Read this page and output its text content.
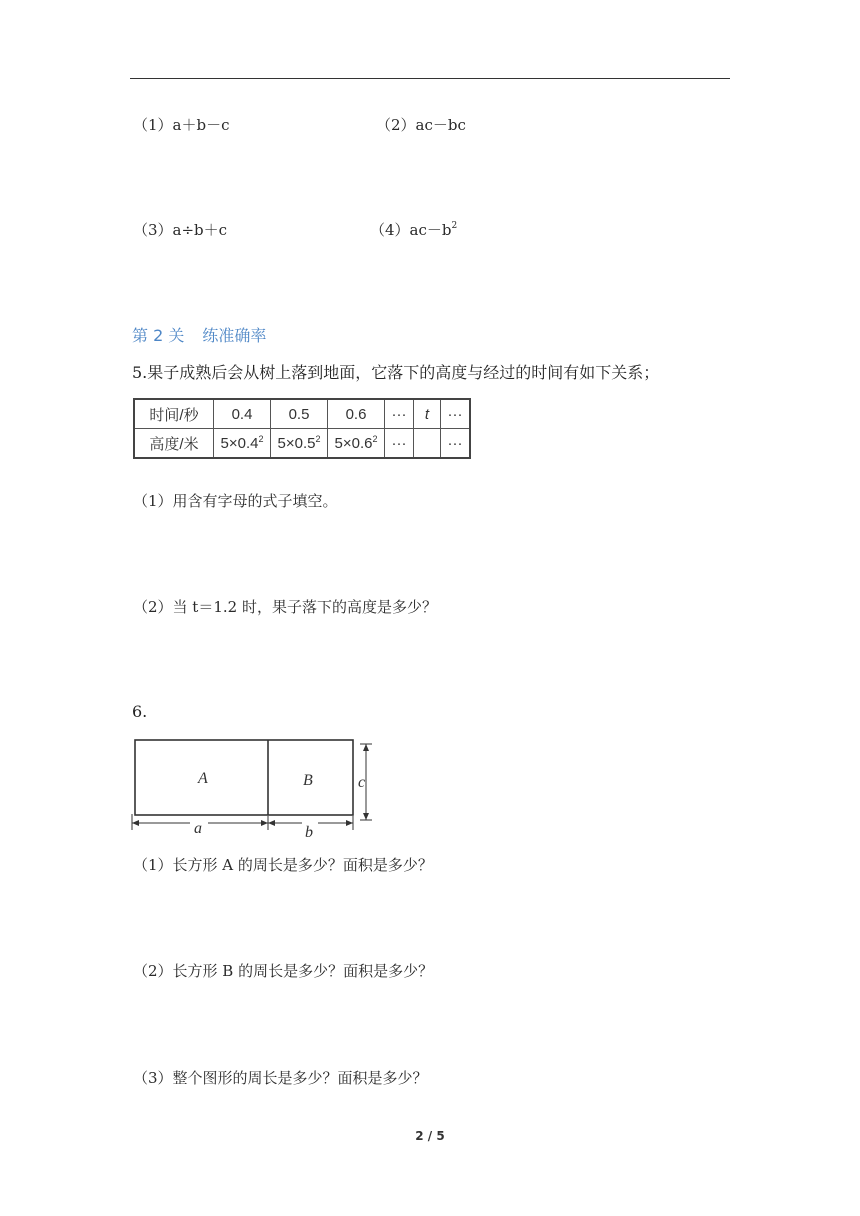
（1）a＋b－c	（2）ac－bc
（3）a÷b＋c	$(4)ac-b^2$
第 2 关 练准确率
5.果子成熟后会从树上落到地面，它落下的高度与经过的时间有如下关系；
时间/秒	0.4	0.5	0.6	···	t	···
高度/米	$5\times 0.4^2$	$5\times 0.5^2$	$5\times 0.6^2$	···		···
（1）用含有字母的式子填空。
（2）当 t＝1.2 时，果子落下的高度是多少？
6.
A	B	c
a	b
（1）长方形 A 的周长是多少？面积是多少？
（2）长方形 B 的周长是多少？面积是多少？
（3）整个图形的周长是多少？面积是多少？
2 / 5
